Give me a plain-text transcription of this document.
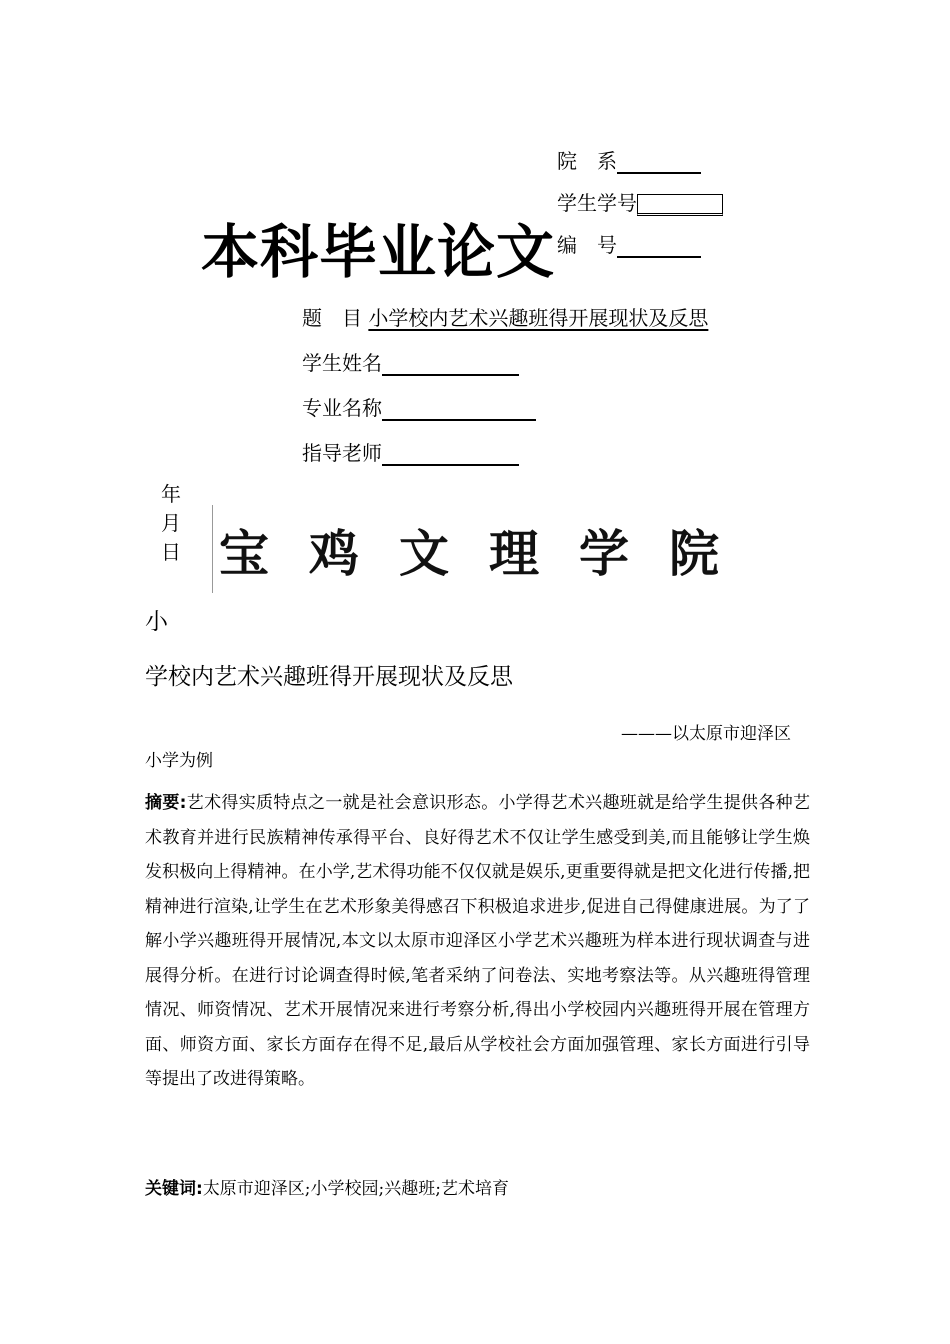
院　系
学生学号
编　号
本科毕业论文
题　目 小学校内艺术兴趣班得开展现状及反思
学生姓名
专业名称
指导老师
年
月
日 宝鸡文理学院
小
学校内艺术兴趣班得开展现状及反思
———以太原市迎泽区
小学为例
摘要:艺术得实质特点之一就是社会意识形态。小学得艺术兴趣班就是给学生提供各种艺术教育并进行民族精神传承得平台、良好得艺术不仅让学生感受到美,而且能够让学生焕发积极向上得精神。在小学,艺术得功能不仅仅就是娱乐,更重要得就是把文化进行传播,把精神进行渲染,让学生在艺术形象美得感召下积极追求进步,促进自己得健康进展。为了了解小学兴趣班得开展情况,本文以太原市迎泽区小学艺术兴趣班为样本进行现状调查与进展得分析。在进行讨论调查得时候,笔者采纳了问卷法、实地考察法等。从兴趣班得管理情况、师资情况、艺术开展情况来进行考察分析,得出小学校园内兴趣班得开展在管理方面、师资方面、家长方面存在得不足,最后从学校社会方面加强管理、家长方面进行引导等提出了改进得策略。
关键词:太原市迎泽区;小学校园;兴趣班;艺术培育
